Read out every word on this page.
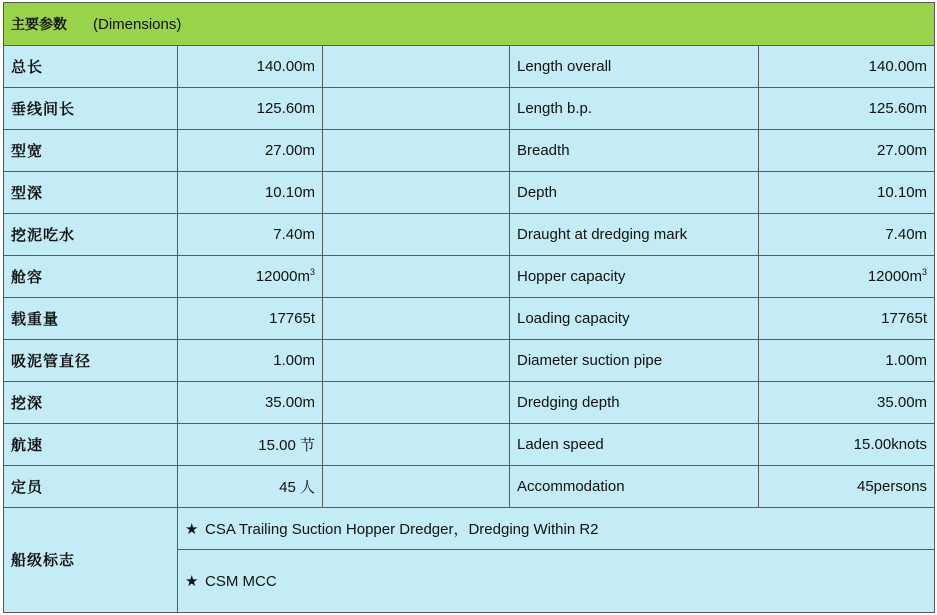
主要参数 (Dimensions)				
总长	140.00m		Length overall	140.00m
垂线间长	125.60m		Length b.p.	125.60m
型宽	27.00m		Breadth	27.00m
型深	10.10m		Depth	10.10m
挖泥吃水	7.40m		Draught at dredging mark	7.40m
舱容	$12000m^3$		Hopper capacity	$12000m^3$
载重量	17765t		Loading capacity	17765t
吸泥管直径	1.00m		Diameter suction pipe	1.00m
挖深	35.00m		Dredging depth	35.00m
航速	15.00 节		Laden speed	15.00knots
定员	45 人		Accommodation	45persons
船级标志	★ CSA Trailing Suction Hopper Dredger，Dredging Within R2			
	★ CSM MCC			
